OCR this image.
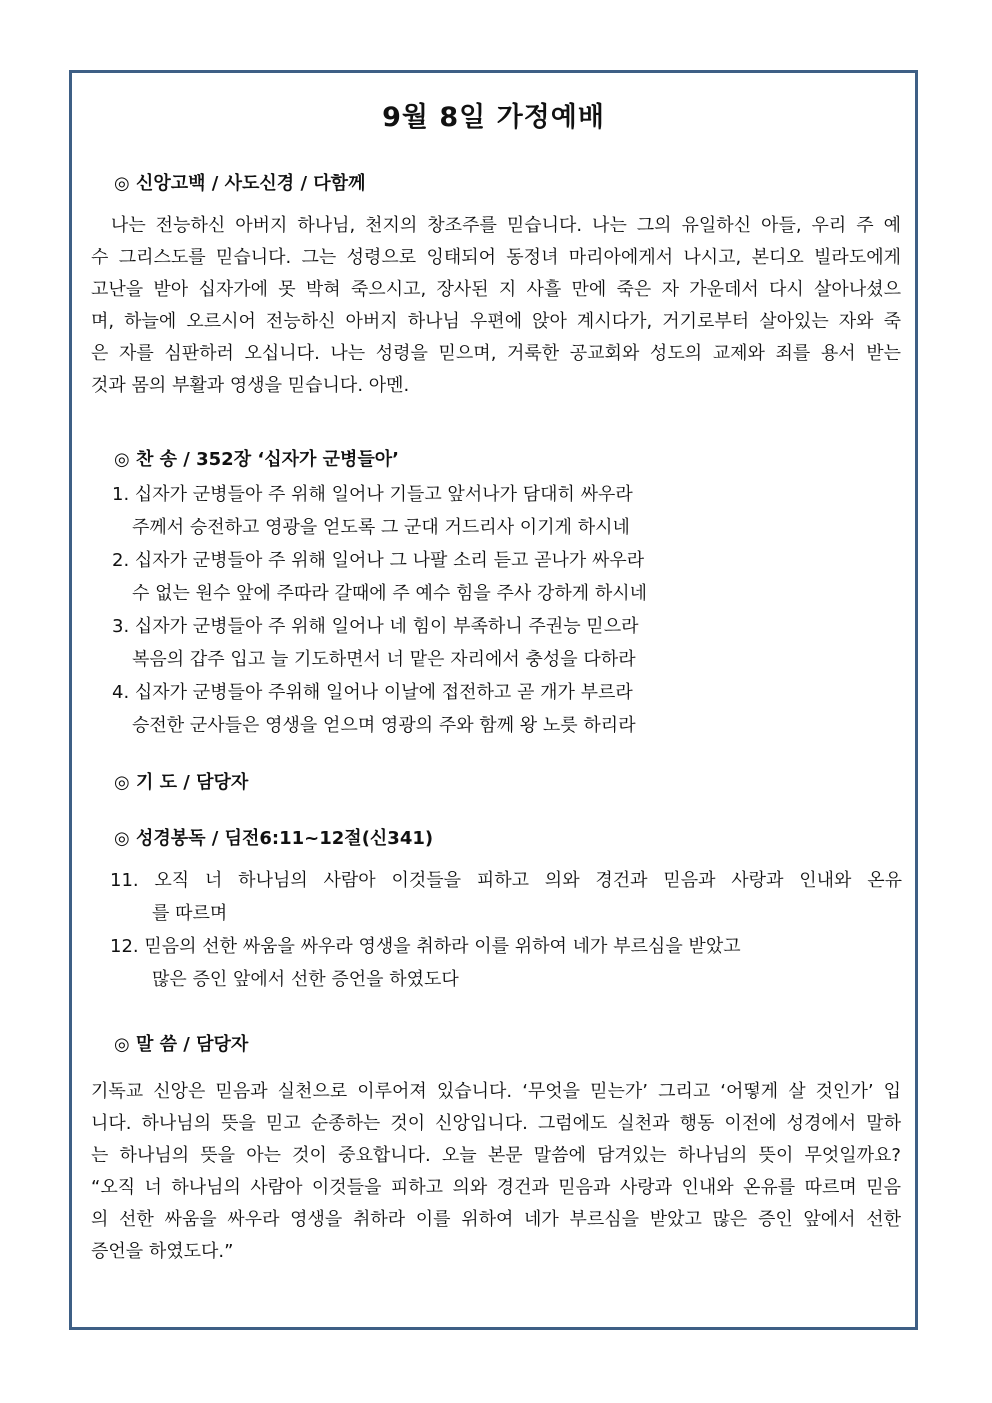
9월 8일 가정예배
◎ 신앙고백 / 사도신경 / 다함께
나는 전능하신 아버지 하나님, 천지의 창조주를 믿습니다. 나는 그의 유일하신 아들, 우리 주 예
수 그리스도를 믿습니다. 그는 성령으로 잉태되어 동정녀 마리아에게서 나시고, 본디오 빌라도에게
고난을 받아 십자가에 못 박혀 죽으시고, 장사된 지 사흘 만에 죽은 자 가운데서 다시 살아나셨으
며, 하늘에 오르시어 전능하신 아버지 하나님 우편에 앉아 계시다가, 거기로부터 살아있는 자와 죽
은 자를 심판하러 오십니다. 나는 성령을 믿으며, 거룩한 공교회와 성도의 교제와 죄를 용서 받는
것과 몸의 부활과 영생을 믿습니다. 아멘.
◎ 찬 송 / 352장 ‘십자가 군병들아’
1. 십자가 군병들아 주 위해 일어나 기들고 앞서나가 담대히 싸우라
주께서 승전하고 영광을 얻도록 그 군대 거드리사 이기게 하시네
2. 십자가 군병들아 주 위해 일어나 그 나팔 소리 듣고 곧나가 싸우라
수 없는 원수 앞에 주따라 갈때에 주 예수 힘을 주사 강하게 하시네
3. 십자가 군병들아 주 위해 일어나 네 힘이 부족하니 주권능 믿으라
복음의 갑주 입고 늘 기도하면서 너 맡은 자리에서 충성을 다하라
4. 십자가 군병들아 주위해 일어나 이날에 접전하고 곧 개가 부르라
승전한 군사들은 영생을 얻으며 영광의 주와 함께 왕 노릇 하리라
◎ 기 도 / 담당자
◎ 성경봉독 / 딤전6:11~12절(신341)
11. 오직 너 하나님의 사람아 이것들을 피하고 의와 경건과 믿음과 사랑과 인내와 온유
를 따르며
12. 믿음의 선한 싸움을 싸우라 영생을 취하라 이를 위하여 네가 부르심을 받았고
많은 증인 앞에서 선한 증언을 하였도다
◎ 말 씀 / 담당자
기독교 신앙은 믿음과 실천으로 이루어져 있습니다. ‘무엇을 믿는가’ 그리고 ‘어떻게 살 것인가’ 입
니다. 하나님의 뜻을 믿고 순종하는 것이 신앙입니다. 그럼에도 실천과 행동 이전에 성경에서 말하
는 하나님의 뜻을 아는 것이 중요합니다. 오늘 본문 말씀에 담겨있는 하나님의 뜻이 무엇일까요?
“오직 너 하나님의 사람아 이것들을 피하고 의와 경건과 믿음과 사랑과 인내와 온유를 따르며 믿음
의 선한 싸움을 싸우라 영생을 취하라 이를 위하여 네가 부르심을 받았고 많은 증인 앞에서 선한
증언을 하였도다.”
